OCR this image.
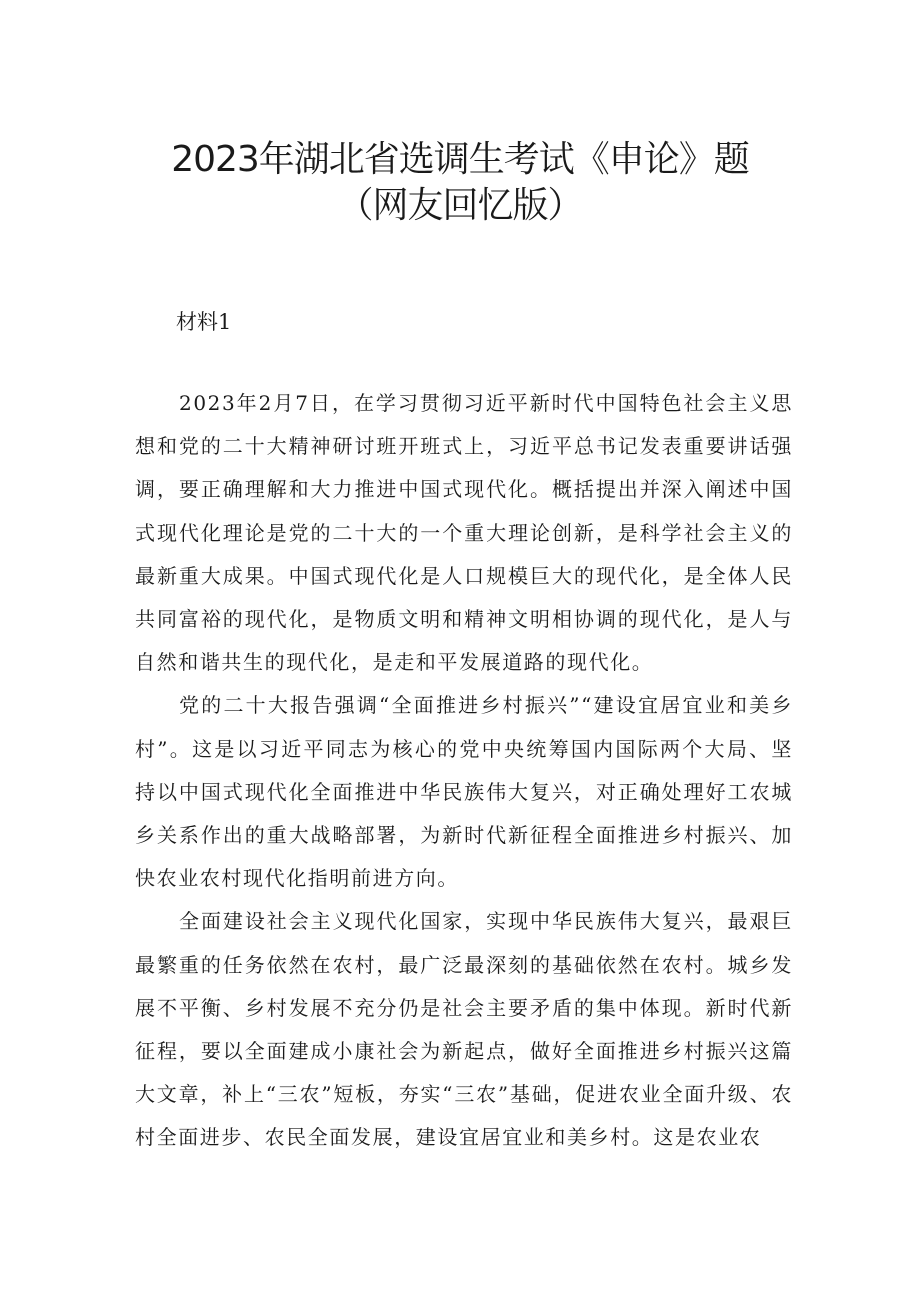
2023年湖北省选调生考试《申论》题
（网友回忆版）
材料1

2023年2月7日，在学习贯彻习近平新时代中国特色社会主义思想和党的二十大精神研讨班开班式上，习近平总书记发表重要讲话强调，要正确理解和大力推进中国式现代化。概括提出并深入阐述中国式现代化理论是党的二十大的一个重大理论创新，是科学社会主义的最新重大成果。中国式现代化是人口规模巨大的现代化，是全体人民共同富裕的现代化，是物质文明和精神文明相协调的现代化，是人与自然和谐共生的现代化，是走和平发展道路的现代化。

党的二十大报告强调“全面推进乡村振兴”“建设宜居宜业和美乡村”。这是以习近平同志为核心的党中央统筹国内国际两个大局、坚持以中国式现代化全面推进中华民族伟大复兴，对正确处理好工农城乡关系作出的重大战略部署，为新时代新征程全面推进乡村振兴、加快农业农村现代化指明前进方向。

全面建设社会主义现代化国家，实现中华民族伟大复兴，最艰巨最繁重的任务依然在农村，最广泛最深刻的基础依然在农村。城乡发展不平衡、乡村发展不充分仍是社会主要矛盾的集中体现。新时代新征程，要以全面建成小康社会为新起点，做好全面推进乡村振兴这篇大文章，补上“三农”短板，夯实“三农”基础，促进农业全面升级、农村全面进步、农民全面发展，建设宜居宜业和美乡村。这是农业农
